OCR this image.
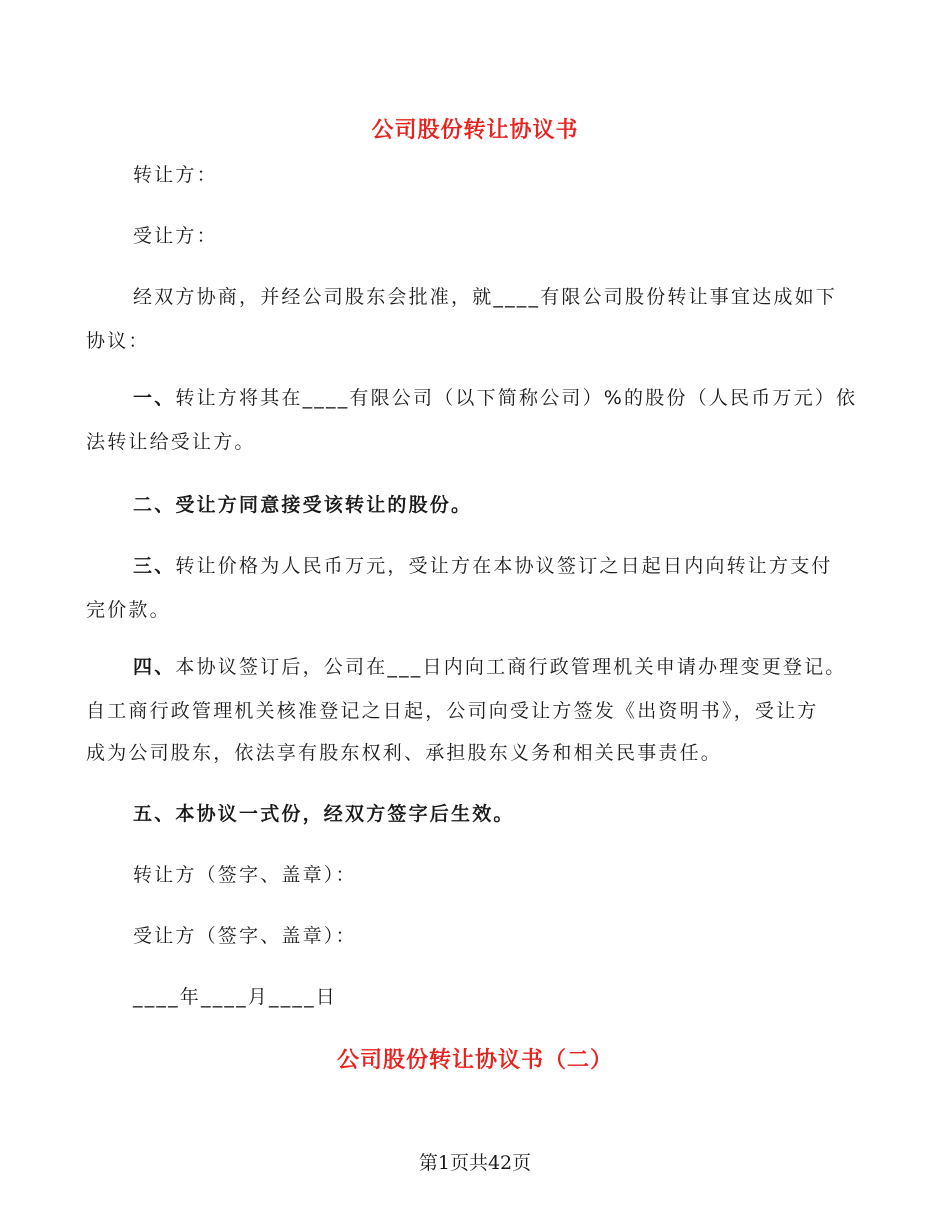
公司股份转让协议书
转让方：
受让方：
经双方协商，并经公司股东会批准，就____有限公司股份转让事宜达成如下
协议：
一、转让方将其在____有限公司（以下简称公司）%的股份（人民币万元）依
法转让给受让方。
二、受让方同意接受该转让的股份。
三、转让价格为人民币万元，受让方在本协议签订之日起日内向转让方支付
完价款。
四、本协议签订后，公司在___日内向工商行政管理机关申请办理变更登记。
自工商行政管理机关核准登记之日起，公司向受让方签发《出资明书》，受让方
成为公司股东，依法享有股东权利、承担股东义务和相关民事责任。
五、本协议一式份，经双方签字后生效。
转让方（签字、盖章）：
受让方（签字、盖章）：
____年____月____日
公司股份转让协议书（二）
第1页共42页
